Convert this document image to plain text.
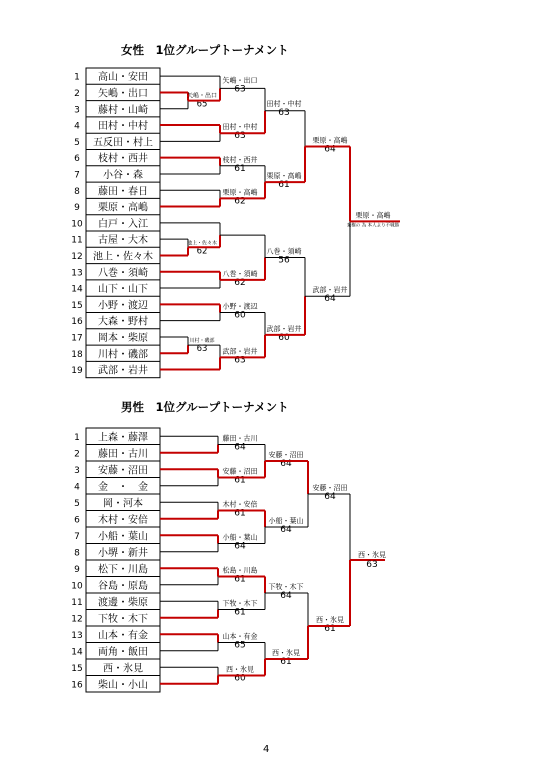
女性　1位グループトーナメント
1 高山・安田
2 矢嶋・出口
3 藤村・山崎
4 田村・中村
5 五反田・村上
6 枝村・西井
7 小谷・森
8 藤田・春日
9 栗原・高嶋
10 白戸・入江
11 古屋・大木
12 池上・佐々木
13 八巻・須崎
14 山下・山下
15 小野・渡辺
16 大森・野村
17 岡本・柴原
18 川村・磯部
19 武部・岩井
矢嶋・出口
65
池上・佐々木
62
川村・磯部
63
矢嶋・出口
63
田村・中村
63
枝村・西井
61
栗原・高嶋
62
八巻・須崎
62
小野・渡辺
60
武部・岩井
63
田村・中村
63
栗原・高嶋
61
八巻・須崎
56
武部・岩井
60
栗原・高嶋
64
武部・岩井
64
栗原・高嶋
棄権の 為 本人より不戦勝
男性　1位グループトーナメント
1 上森・藤澤
2 藤田・古川
3 安藤・沼田
4 金　・　金
5 岡・河本
6 木村・安倍
7 小船・葉山
8 小堺・新井
9 松下・川島
10 谷島・原島
11 渡邊・柴原
12 下牧・木下
13 山本・有金
14 両角・飯田
15 西・氷見
16 柴山・小山
藤田・古川
64
安藤・沼田
61
木村・安倍
61
小船・葉山
64
松島・川島
61
下牧・木下
61
山本・有金
65
西・氷見
60
安藤・沼田
64
小船・葉山
64
下牧・木下
64
西・氷見
61
安藤・沼田
64
西・氷見
61
西・氷見
63
4
